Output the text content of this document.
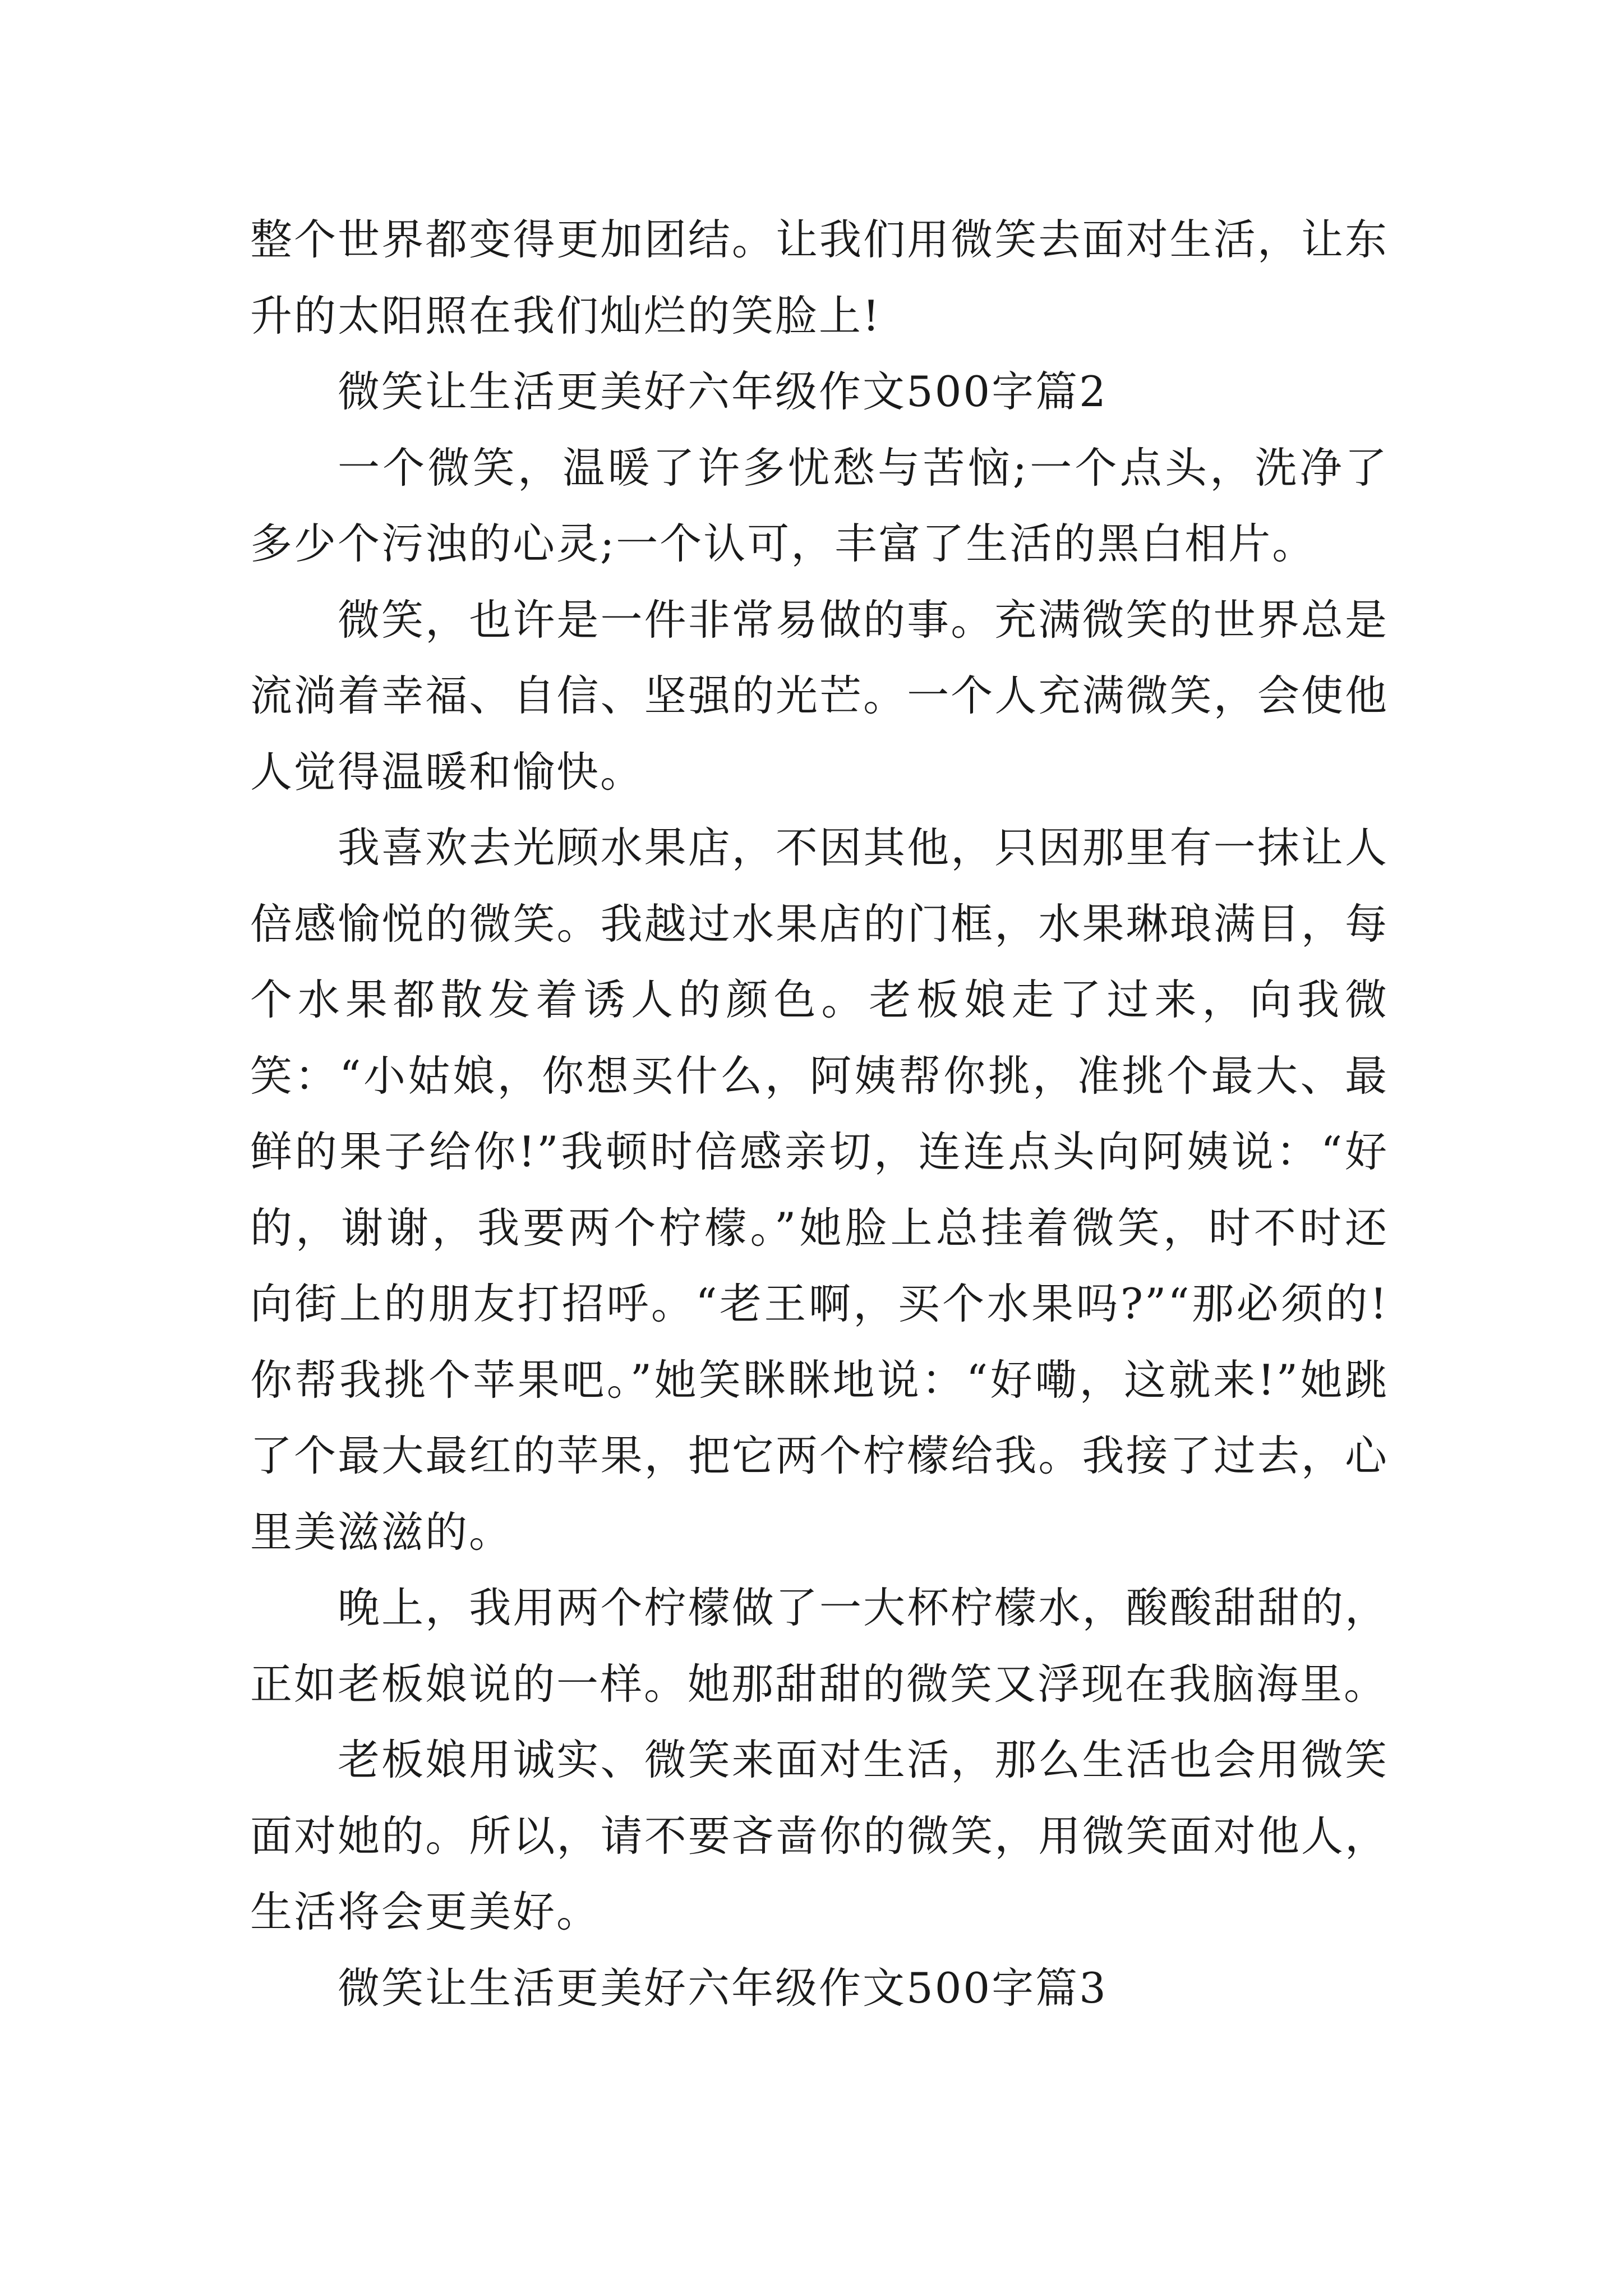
整个世界都变得更加团结。让我们用微笑去面对生活，让东升的太阳照在我们灿烂的笑脸上!

微笑让生活更美好六年级作文500字篇2

一个微笑，温暖了许多忧愁与苦恼;一个点头，洗净了多少个污浊的心灵;一个认可，丰富了生活的黑白相片。

微笑，也许是一件非常易做的事。充满微笑的世界总是流淌着幸福、自信、坚强的光芒。一个人充满微笑，会使他人觉得温暖和愉快。

我喜欢去光顾水果店，不因其他，只因那里有一抹让人倍感愉悦的微笑。我越过水果店的门框，水果琳琅满目，每个水果都散发着诱人的颜色。老板娘走了过来，向我微笑：“小姑娘，你想买什么，阿姨帮你挑，准挑个最大、最鲜的果子给你!”我顿时倍感亲切，连连点头向阿姨说：“好的，谢谢，我要两个柠檬。”她脸上总挂着微笑，时不时还向街上的朋友打招呼。“老王啊，买个水果吗?”“那必须的!你帮我挑个苹果吧。”她笑眯眯地说：“好嘞，这就来!”她跳了个最大最红的苹果，把它两个柠檬给我。我接了过去，心里美滋滋的。

晚上，我用两个柠檬做了一大杯柠檬水，酸酸甜甜的，正如老板娘说的一样。她那甜甜的微笑又浮现在我脑海里。

老板娘用诚实、微笑来面对生活，那么生活也会用微笑面对她的。所以，请不要吝啬你的微笑，用微笑面对他人，生活将会更美好。

微笑让生活更美好六年级作文500字篇3
